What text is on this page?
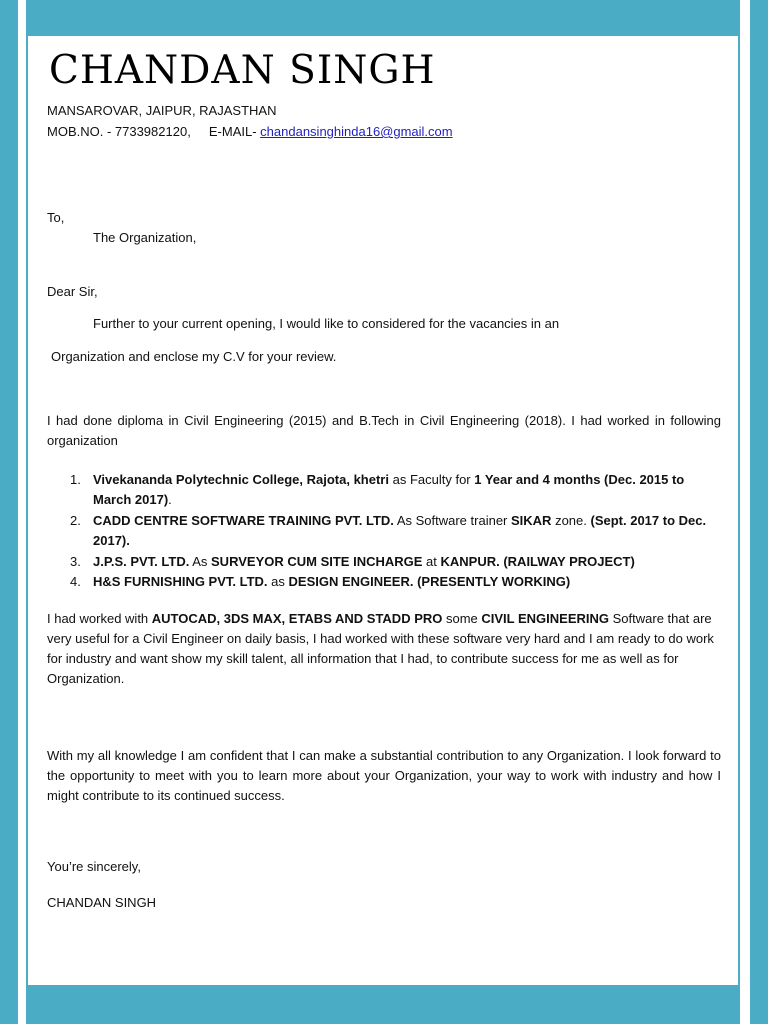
CHANDAN SINGH
MANSAROVAR, JAIPUR, RAJASTHAN
MOB.NO. - 7733982120, E-MAIL- chandansinghinda16@gmail.com
To,
The Organization,
Dear Sir,
Further to your current opening, I would like to considered for the vacancies in an
Organization and enclose my C.V for your review.
I had done diploma in Civil Engineering (2015) and B.Tech in Civil Engineering (2018). I had worked in following organization
1. Vivekananda Polytechnic College, Rajota, khetri as Faculty for 1 Year and 4 months (Dec. 2015 to March 2017).
2. CADD CENTRE SOFTWARE TRAINING PVT. LTD. As Software trainer SIKAR zone. (Sept. 2017 to Dec. 2017).
3. J.P.S. PVT. LTD. As SURVEYOR CUM SITE INCHARGE at KANPUR. (RAILWAY PROJECT)
4. H&S FURNISHING PVT. LTD. as DESIGN ENGINEER. (PRESENTLY WORKING)
I had worked with AUTOCAD, 3DS MAX, ETABS AND STADD PRO some CIVIL ENGINEERING Software that are very useful for a Civil Engineer on daily basis, I had worked with these software very hard and I am ready to do work for industry and want show my skill talent, all information that I had, to contribute success for me as well as for Organization.
With my all knowledge I am confident that I can make a substantial contribution to any Organization. I look forward to the opportunity to meet with you to learn more about your Organization, your way to work with industry and how I might contribute to its continued success.
You’re sincerely,
CHANDAN SINGH
